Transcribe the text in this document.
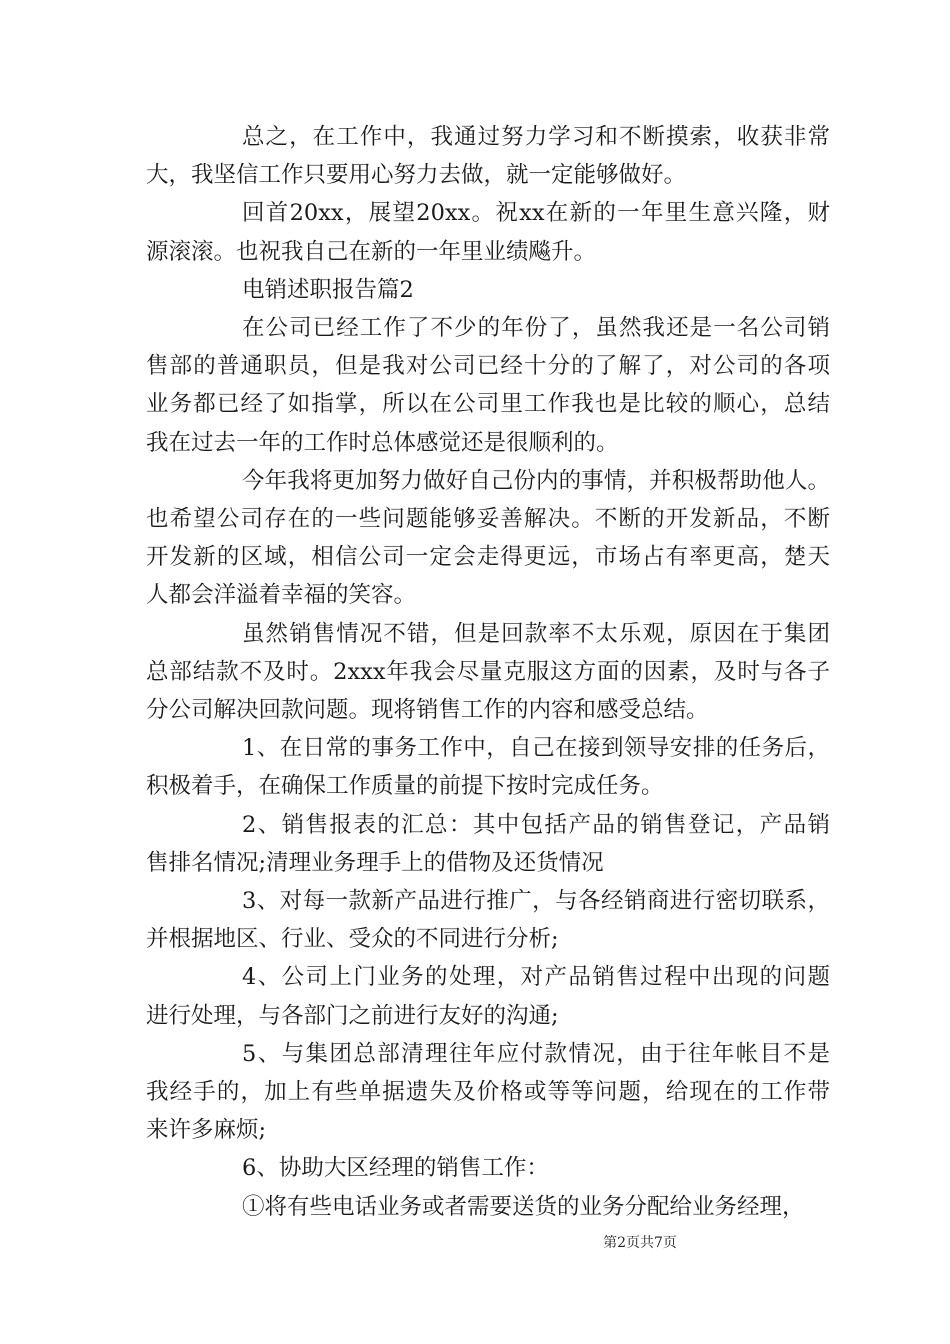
总之，在工作中，我通过努力学习和不断摸索，收获非常
大，我坚信工作只要用心努力去做，就一定能够做好。
回首20xx，展望20xx。祝xx在新的一年里生意兴隆，财
源滚滚。也祝我自己在新的一年里业绩飚升。
电销述职报告篇2
在公司已经工作了不少的年份了，虽然我还是一名公司销
售部的普通职员，但是我对公司已经十分的了解了，对公司的各项
业务都已经了如指掌，所以在公司里工作我也是比较的顺心，总结
我在过去一年的工作时总体感觉还是很顺利的。
今年我将更加努力做好自己份内的事情，并积极帮助他人。
也希望公司存在的一些问题能够妥善解决。不断的开发新品，不断
开发新的区域，相信公司一定会走得更远，市场占有率更高，楚天
人都会洋溢着幸福的笑容。
虽然销售情况不错，但是回款率不太乐观，原因在于集团
总部结款不及时。2xxx年我会尽量克服这方面的因素，及时与各子
分公司解决回款问题。现将销售工作的内容和感受总结。
1、在日常的事务工作中，自己在接到领导安排的任务后，
积极着手，在确保工作质量的前提下按时完成任务。
2、销售报表的汇总：其中包括产品的销售登记，产品销
售排名情况;清理业务理手上的借物及还货情况
3、对每一款新产品进行推广，与各经销商进行密切联系，
并根据地区、行业、受众的不同进行分析;
4、公司上门业务的处理，对产品销售过程中出现的问题
进行处理，与各部门之前进行友好的沟通;
5、与集团总部清理往年应付款情况，由于往年帐目不是
我经手的，加上有些单据遗失及价格或等等问题，给现在的工作带
来许多麻烦;
6、协助大区经理的销售工作：
①将有些电话业务或者需要送货的业务分配给业务经理，
第2页共7页
